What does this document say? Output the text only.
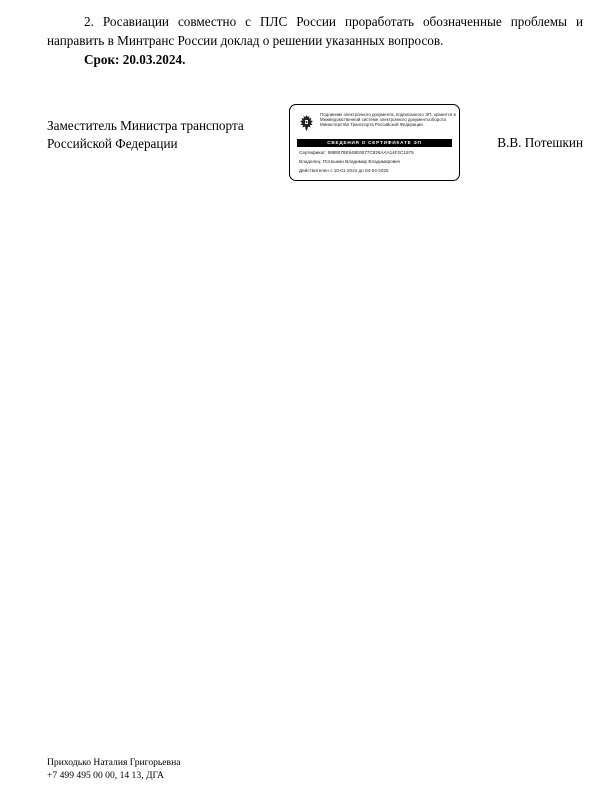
2. Росавиации совместно с ПЛС России проработать обозначенные проблемы и направить в Минтранс России доклад о решении указанных вопросов.
Срок: 20.03.2024.
Заместитель Министра транспорта
Российской Федерации
Подлинник электронного документа, подписанного ЭП, хранится в Межведомственной системе электронного документооборота Министерства Транспорта Российской Федерации
СВЕДЕНИЯ О СЕРТИФИКАТЕ ЭП
Сертификат: 5988078E946E6577C826AAA14F2C1675
Владелец: Потешкин Владимир Владимирович
Действителен с 10-01-2024 до 04-04-2025
В.В. Потешкин
Приходько Наталия Григорьевна
+7 499 495 00 00, 14 13, ДГА
